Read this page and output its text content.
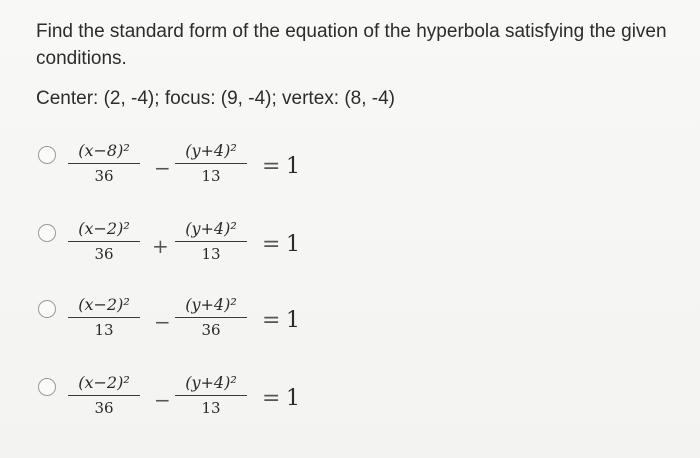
Find the standard form of the equation of the hyperbola satisfying the given conditions.
Center: (2, -4); focus: (9, -4); vertex: (8, -4)
(x−8)²
36	−
(y+4)²
13	= 1
(x−2)²
36	+
(y+4)²
13	= 1
(x−2)²
13	−
(y+4)²
36	= 1
(x−2)²
36	−
(y+4)²
13	= 1
